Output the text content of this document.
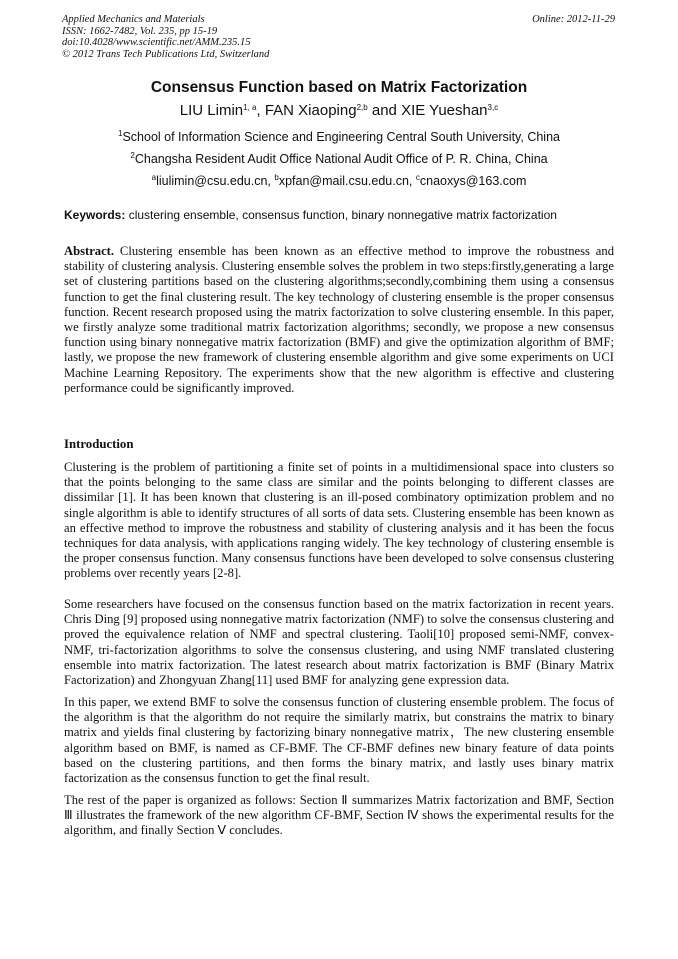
Applied Mechanics and Materials
ISSN: 1662-7482, Vol. 235, pp 15-19
doi:10.4028/www.scientific.net/AMM.235.15
© 2012 Trans Tech Publications Ltd, Switzerland
Online: 2012-11-29
Consensus Function based on Matrix Factorization
LIU Limin$^{1, a}$, FAN Xiaoping$^{2,b}$ and XIE Yueshan$^{3,c}$
$^1$School of Information Science and Engineering Central South University, China
$^2$Changsha Resident Audit Office National Audit Office of P. R. China, China
$^a$liulimin@csu.edu.cn, $^b$xpfan@mail.csu.edu.cn, $^c$cnaoxys@163.com
Keywords: clustering ensemble, consensus function, binary nonnegative matrix factorization

Abstract. Clustering ensemble has been known as an effective method to improve the robustness and stability of clustering analysis. Clustering ensemble solves the problem in two steps:firstly,generating a large set of clustering partitions based on the clustering algorithms;secondly,combining them using a consensus function to get the final clustering result. The key technology of clustering ensemble is the proper consensus function. Recent research proposed using the matrix factorization to solve clustering ensemble. In this paper, we firstly analyze some traditional matrix factorization algorithms; secondly, we propose a new consensus function using binary nonnegative matrix factorization (BMF) and give the optimization algorithm of BMF; lastly, we propose the new framework of clustering ensemble algorithm and give some experiments on UCI Machine Learning Repository. The experiments show that the new algorithm is effective and clustering performance could be significantly improved.

Introduction

Clustering is the problem of partitioning a finite set of points in a multidimensional space into clusters so that the points belonging to the same class are similar and the points belonging to different classes are dissimilar [1]. It has been known that clustering is an ill-posed combinatory optimization problem and no single algorithm is able to identify structures of all sorts of data sets. Clustering ensemble has been known as an effective method to improve the robustness and stability of clustering analysis and it has been the focus techniques for data analysis, with applications ranging widely. The key technology of clustering ensemble is the proper consensus function. Many consensus functions have been developed to solve consensus clustering problems over recently years [2-8].

Some researchers have focused on the consensus function based on the matrix factorization in recent years. Chris Ding [9] proposed using nonnegative matrix factorization (NMF) to solve the consensus clustering and proved the equivalence relation of NMF and spectral clustering. Taoli[10] proposed semi-NMF, convex-NMF, tri-factorization algorithms to solve the consensus clustering, and using NMF translated clustering ensemble into matrix factorization. The latest research about matrix factorization is BMF (Binary Matrix Factorization) and Zhongyuan Zhang[11] used BMF for analyzing gene expression data.

In this paper, we extend BMF to solve the consensus function of clustering ensemble problem. The focus of the algorithm is that the algorithm do not require the similarly matrix, but constrains the matrix to binary matrix and yields final clustering by factorizing binary nonnegative matrix，The new clustering ensemble algorithm based on BMF, is named as CF-BMF. The CF-BMF defines new binary feature of data points based on the clustering partitions, and then forms the binary matrix, and lastly uses binary matrix factorization as the consensus function to get the final result.

The rest of the paper is organized as follows: Section Ⅱ summarizes Matrix factorization and BMF, Section Ⅲ illustrates the framework of the new algorithm CF-BMF, Section Ⅳ shows the experimental results for the algorithm, and finally Section Ⅴ concludes.
